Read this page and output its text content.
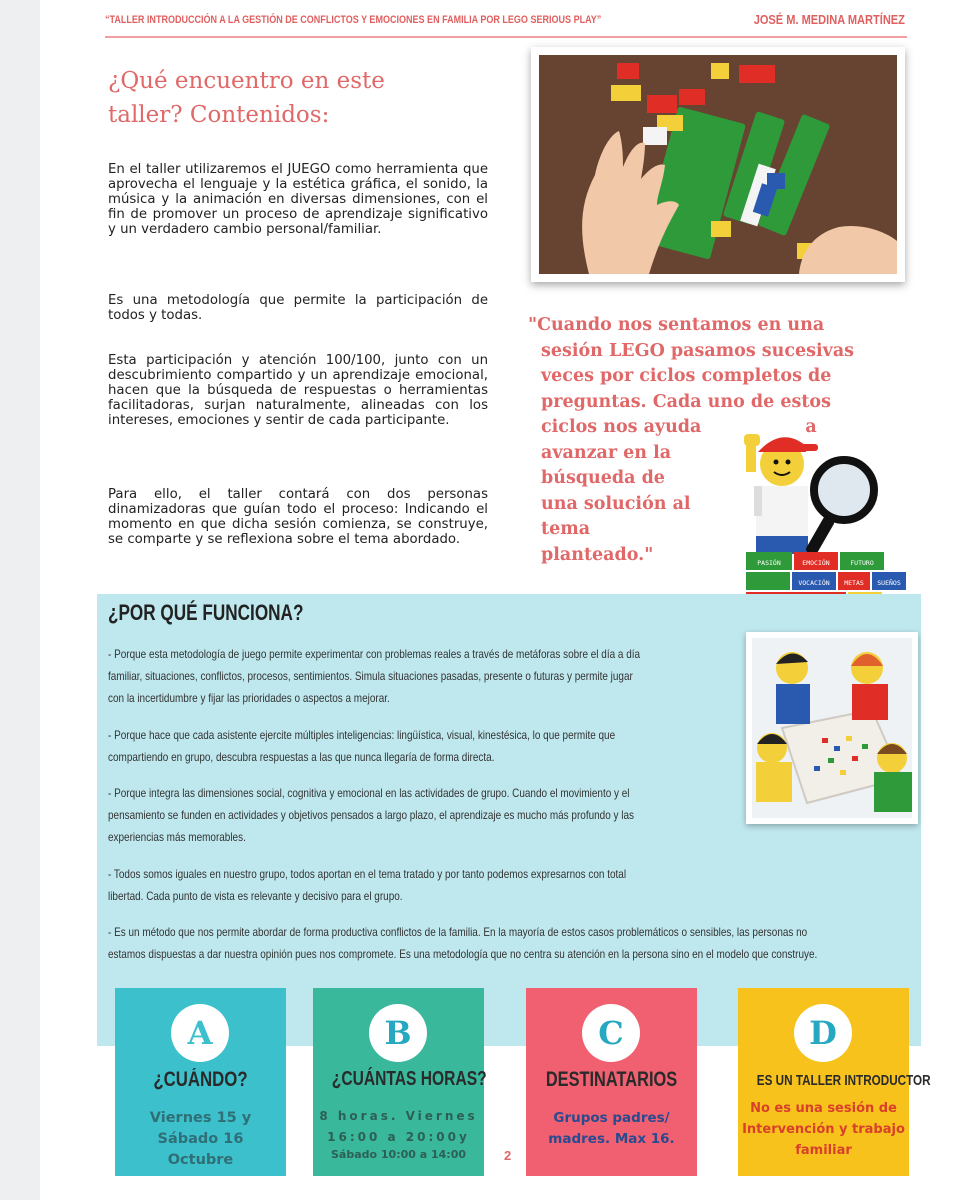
“TALLER INTRODUCCIÓN A LA GESTIÓN DE CONFLICTOS Y EMOCIONES EN FAMILIA POR LEGO SERIOUS PLAY”	JOSÉ M. MEDINA MARTÍNEZ
¿Qué encuentro en este
taller? Contenidos:
En el taller utilizaremos el JUEGO como herramienta que aprovecha el lenguaje y la estética gráfica, el sonido, la música y la animación en diversas dimensiones, con el fin de promover un proceso de aprendizaje significativo y un verdadero cambio personal/familiar.
Es una metodología que permite la participación de todos y todas.
Esta participación y atención 100/100, junto con un descubrimiento compartido y un aprendizaje emocional, hacen que la búsqueda de respuestas o herramientas facilitadoras, surjan naturalmente, alineadas con los intereses, emociones y sentir de cada participante.
Para ello, el taller contará con dos personas dinamizadoras que guían todo el proceso: Indicando el momento en que dicha sesión comienza, se construye, se comparte y se reflexiona sobre el tema abordado.
"Cuando nos sentamos en una
sesión LEGO pasamos sucesivas
veces por ciclos completos de
preguntas. Cada uno de estos
ciclos nos ayuda	a
avanzar en la
búsqueda de
una solución al
tema
planteado."	PASIÓN	EMOCIÓN	FUTURO
VOCACIÓN METAS SUEÑOS
¿POR QUÉ FUNCIONA?
- Porque esta metodología de juego permite experimentar con problemas reales a través de metáforas sobre el día a día
familiar, situaciones, conflictos, procesos, sentimientos. Simula situaciones pasadas, presente o futuras y permite jugar
con la incertidumbre y fijar las prioridades o aspectos a mejorar.
- Porque hace que cada asistente ejercite múltiples inteligencias: lingüística, visual, kinestésica, lo que permite que
compartiendo en grupo, descubra respuestas a las que nunca llegaría de forma directa.
- Porque integra las dimensiones social, cognitiva y emocional en las actividades de grupo. Cuando el movimiento y el
pensamiento se funden en actividades y objetivos pensados a largo plazo, el aprendizaje es mucho más profundo y las
experiencias más memorables.
- Todos somos iguales en nuestro grupo, todos aportan en el tema tratado y por tanto podemos expresarnos con total
libertad. Cada punto de vista es relevante y decisivo para el grupo.
- Es un método que nos permite abordar de forma productiva conflictos de la familia. En la mayoría de estos casos problemáticos o sensibles, las personas no
estamos dispuestas a dar nuestra opinión pues nos compromete. Es una metodología que no centra su atención en la persona sino en el modelo que construye.
A
¿CUÁNDO?
Viernes 15 y
Sábado 16
Octubre
B
¿CUÁNTAS HORAS?
8 horas. Viernes
16:00 a 20:00y
Sábado 10:00 a 14:00
C
DESTINATARIOS
Grupos padres/
madres. Max 16.
D
ES UN TALLER INTRODUCTOR
No es una sesión de
Intervención y trabajo
familiar
2
